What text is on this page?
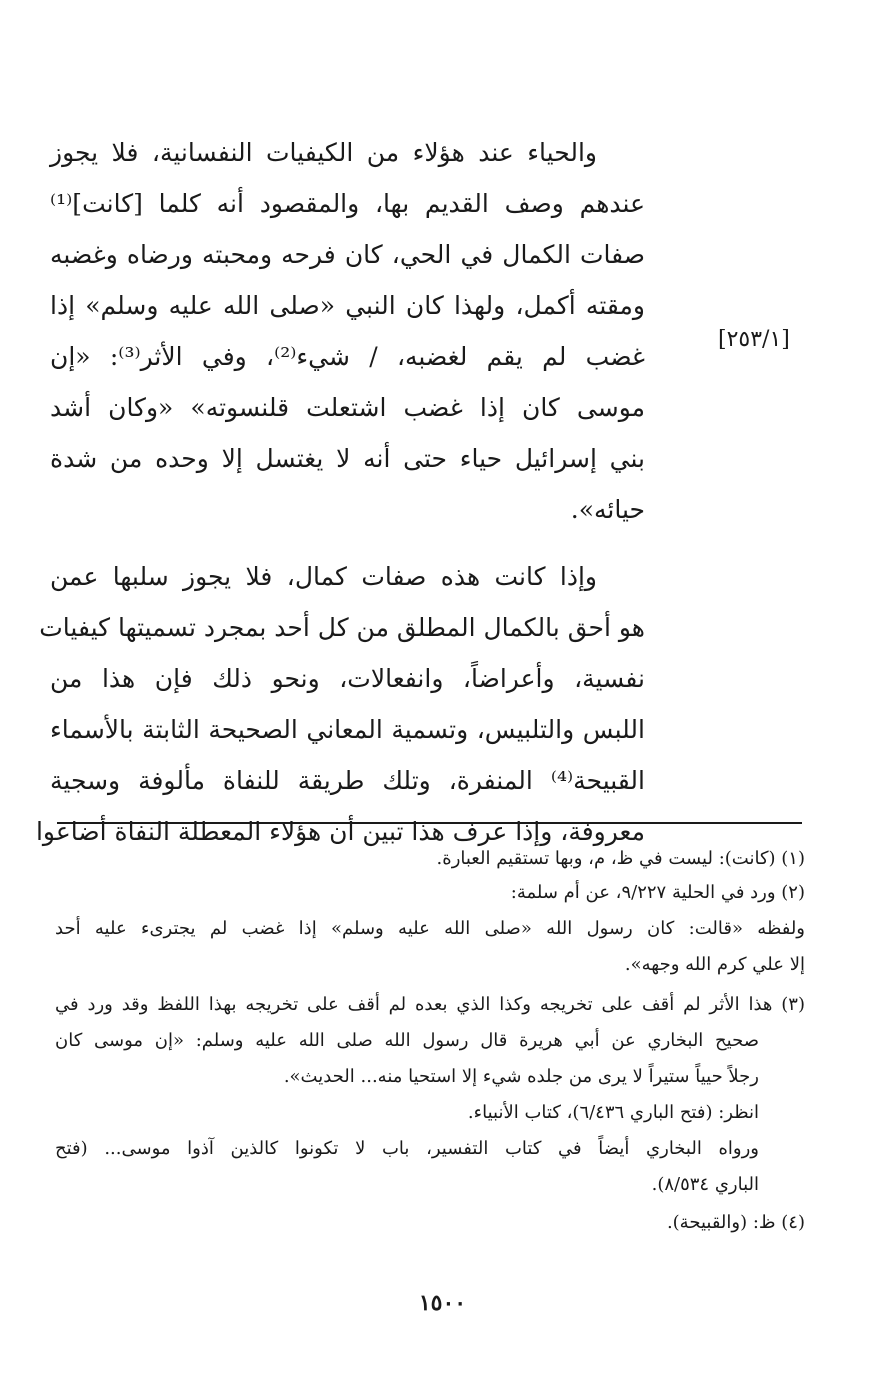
والحياء عند هؤلاء من الكيفيات النفسانية، فلا يجوز
عندهم وصف القديم بها، والمقصود أنه كلما [كانت]⁽¹⁾
صفات الكمال في الحي، كان فرحه ومحبته ورضاه وغضبه
ومقته أكمل، ولهذا كان النبي «صلى الله عليه وسلم» إذا
غضب لم يقم لغضبه، / شيء⁽²⁾، وفي الأثر⁽³⁾: «إن
موسى كان إذا غضب اشتعلت قلنسوته» «وكان أشد
بني إسرائيل حياء حتى أنه لا يغتسل إلا وحده من شدة
حيائه».
وإذا كانت هذه صفات كمال، فلا يجوز سلبها عمن
هو أحق بالكمال المطلق من كل أحد بمجرد تسميتها كيفيات
نفسية، وأعراضاً، وانفعالات، ونحو ذلك فإن هذا من
اللبس والتلبيس، وتسمية المعاني الصحيحة الثابتة بالأسماء
القبيحة⁽⁴⁾ المنفرة، وتلك طريقة للنفاة مألوفة وسجية
معروفة، وإذا عرف هذا تبين أن هؤلاء المعطلة النفاة أضاعوا
[٢٥٣/١]
(١) (كانت): ليست في ظ، م، وبها تستقيم العبارة.
(٢) ورد في الحلية ٩/٢٢٧، عن أم سلمة:
ولفظه «قالت: كان رسول الله «صلى الله عليه وسلم» إذا غضب لم يجترىء عليه أحد
إلا علي كرم الله وجهه».
(٣) هذا الأثر لم أقف على تخريجه وكذا الذي بعده لم أقف على تخريجه بهذا اللفظ وقد ورد في
صحيح البخاري عن أبي هريرة قال رسول الله صلى الله عليه وسلم: «إن موسى كان
رجلاً حيياً ستيراً لا يرى من جلده شيء إلا استحيا منه... الحديث».
انظر: (فتح الباري ٦/٤٣٦)، كتاب الأنبياء.
ورواه البخاري أيضاً في كتاب التفسير، باب لا تكونوا كالذين آذوا موسى... (فتح
الباري ٨/٥٣٤).
(٤) ظ: (والقبيحة).
١٥٠٠
